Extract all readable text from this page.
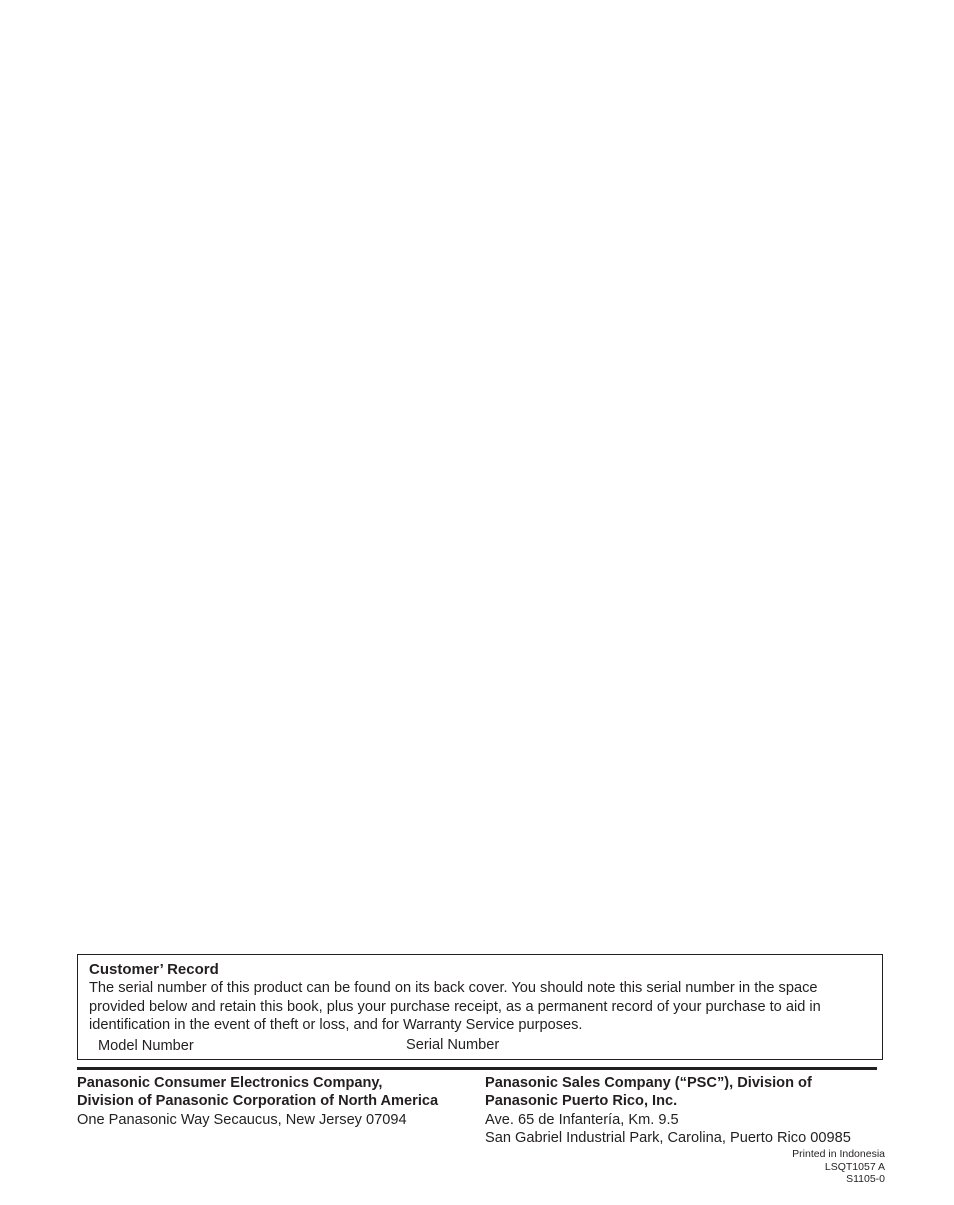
Customer’ Record
The serial number of this product can be found on its back cover. You should note this serial number in the space
provided below and retain this book, plus your purchase receipt, as a permanent record of your purchase to aid in
identification in the event of theft or loss, and for Warranty Service purposes.
Model Number	Serial Number
Panasonic Consumer Electronics Company,
Division of Panasonic Corporation of North America
One Panasonic Way Secaucus, New Jersey 07094
Panasonic Sales Company (“PSC”), Division of
Panasonic Puerto Rico, Inc.
Ave. 65 de Infantería, Km. 9.5
San Gabriel Industrial Park, Carolina, Puerto Rico 00985
Printed in Indonesia
LSQT1057 A
S1105-0
